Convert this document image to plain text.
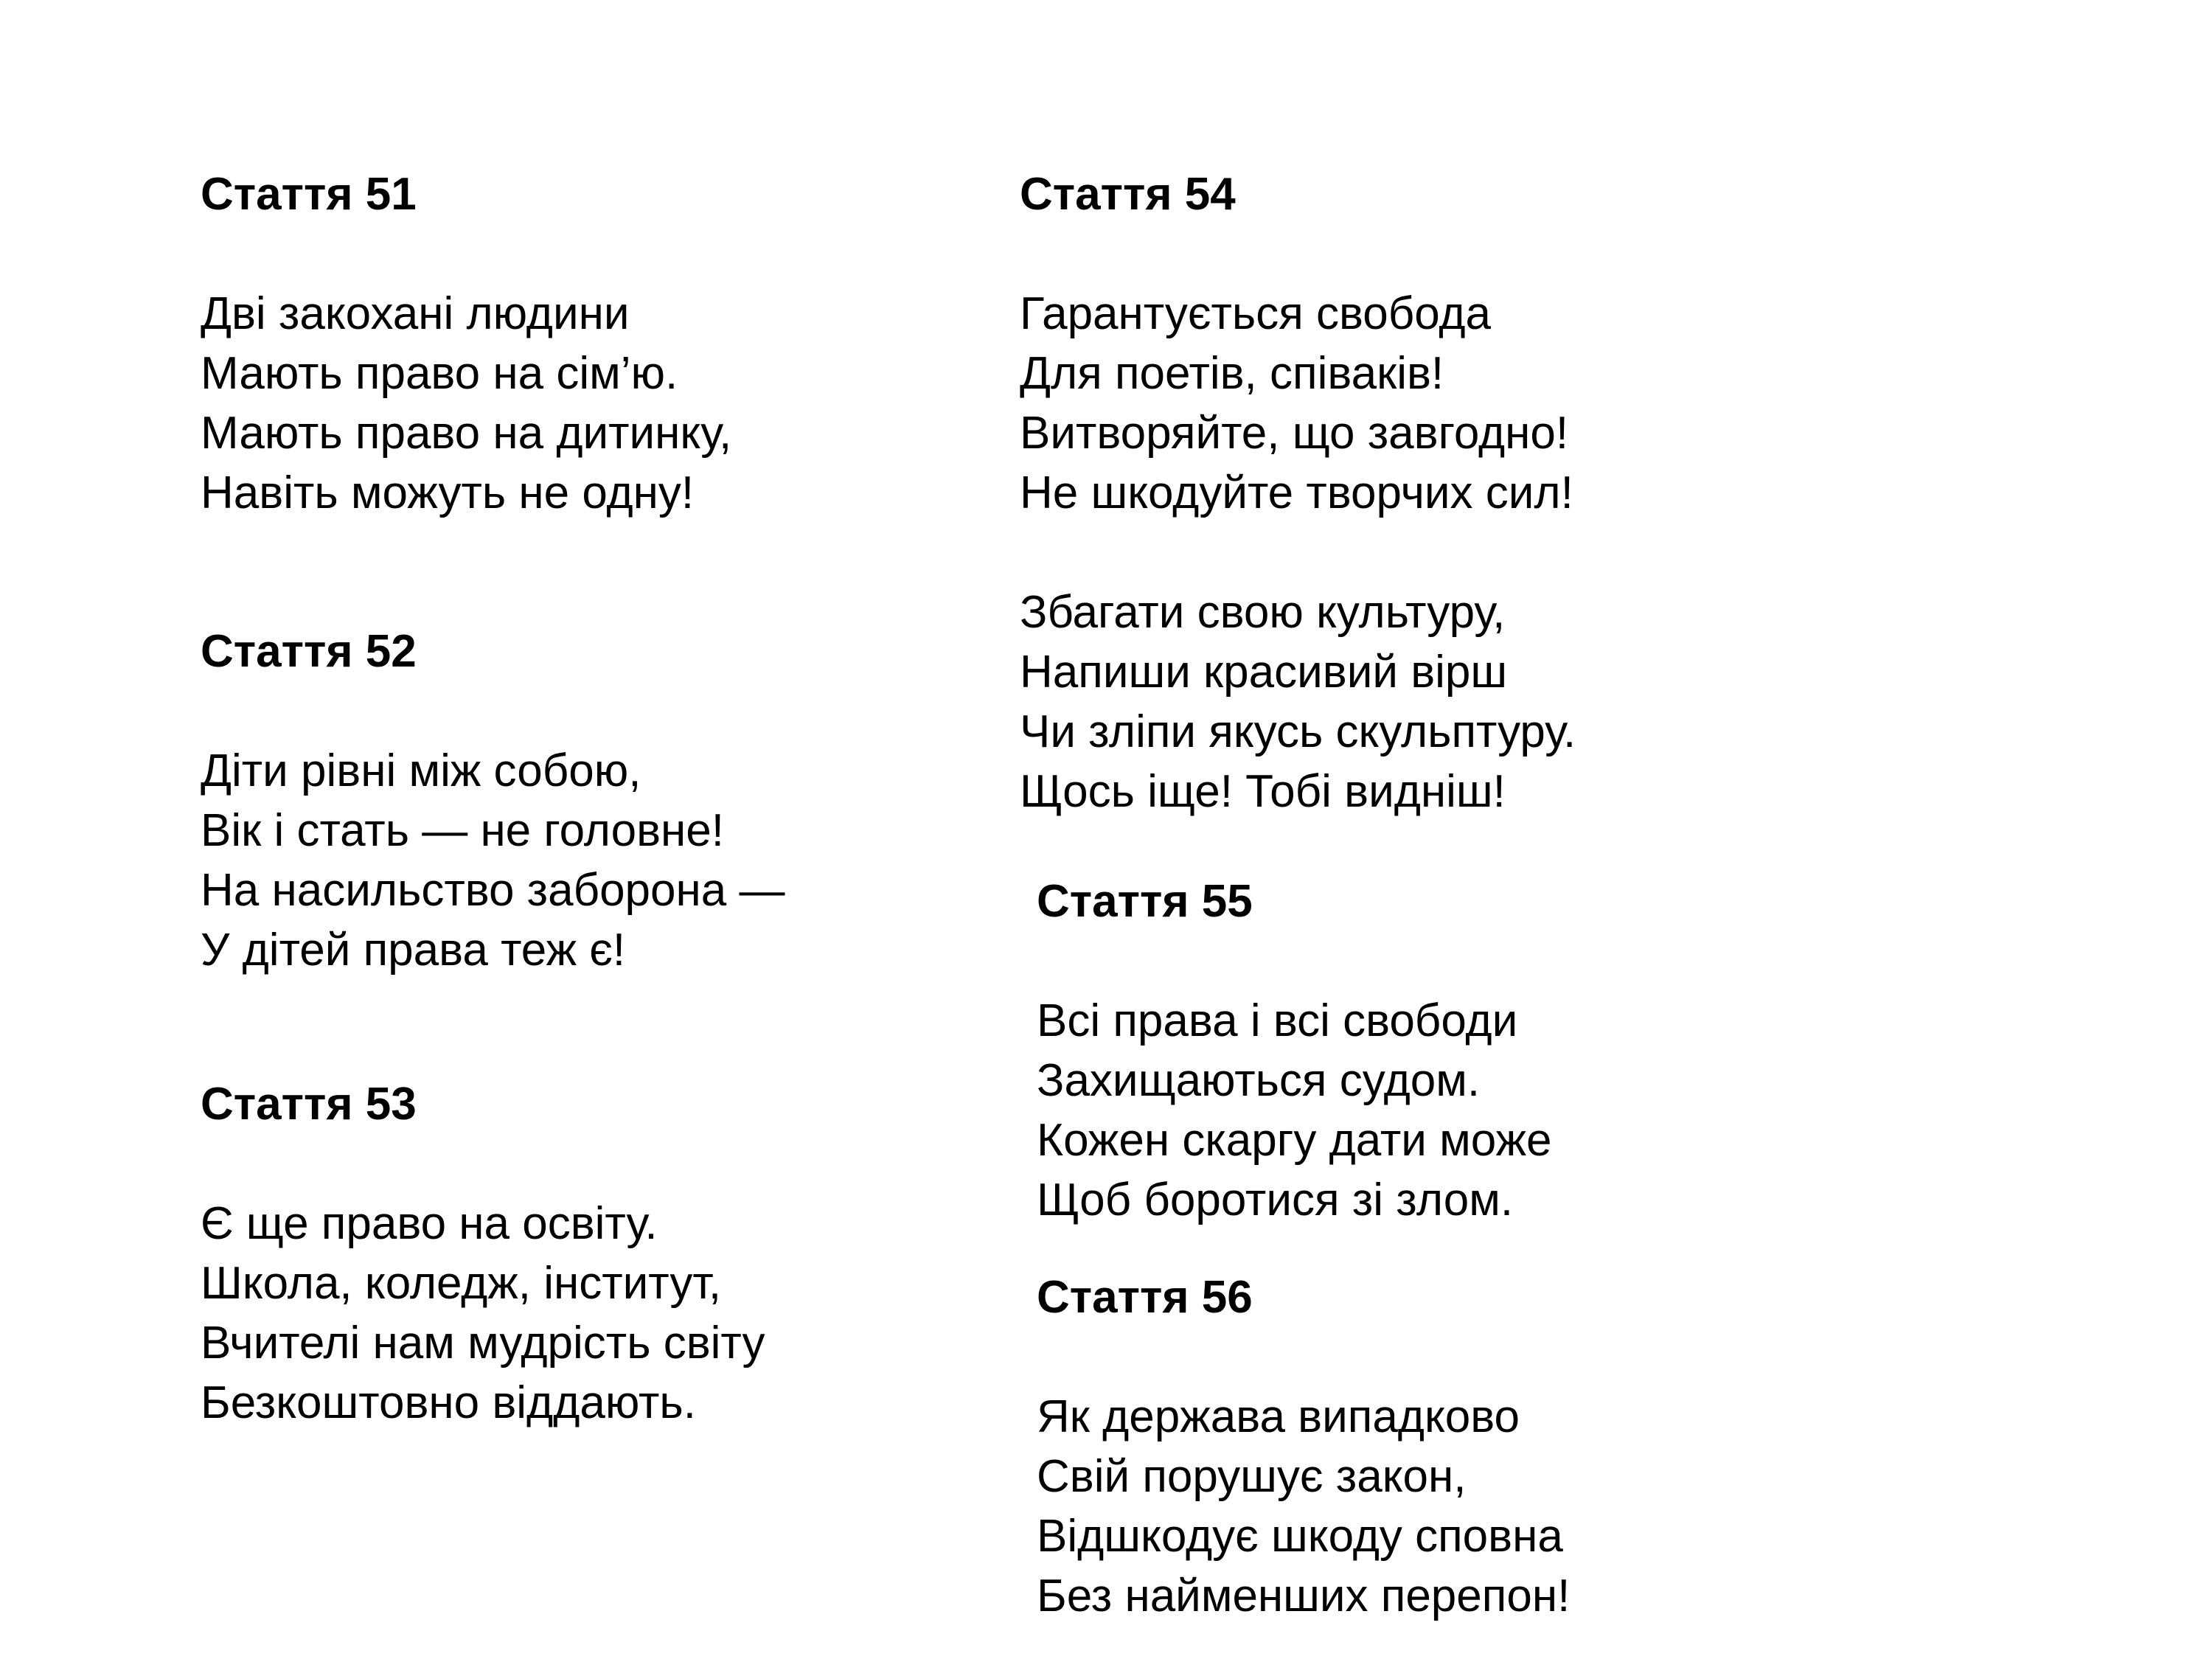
Стаття 51
Дві закохані людини
Мають право на сім’ю.
Мають право на дитинку,
Навіть можуть не одну!
Стаття 52
Діти рівні між собою,
Вік і стать — не головне!
На насильство заборона —
У дітей права теж є!
Стаття 53
Є ще право на освіту.
Школа, коледж, інститут,
Вчителі нам мудрість світу
Безкоштовно віддають.
Стаття 54
Гарантується свобода
Для поетів, співаків!
Витворяйте, що завгодно!
Не шкодуйте творчих сил!
Збагати свою культуру,
Напиши красивий вірш
Чи зліпи якусь скульптуру.
Щось іще! Тобі видніш!
Стаття 55
Всі права і всі свободи
Захищаються судом.
Кожен скаргу дати може
Щоб боротися зі злом.
Стаття 56
Як держава випадково
Свій порушує закон,
Відшкодує шкоду сповна
Без найменших перепон!
